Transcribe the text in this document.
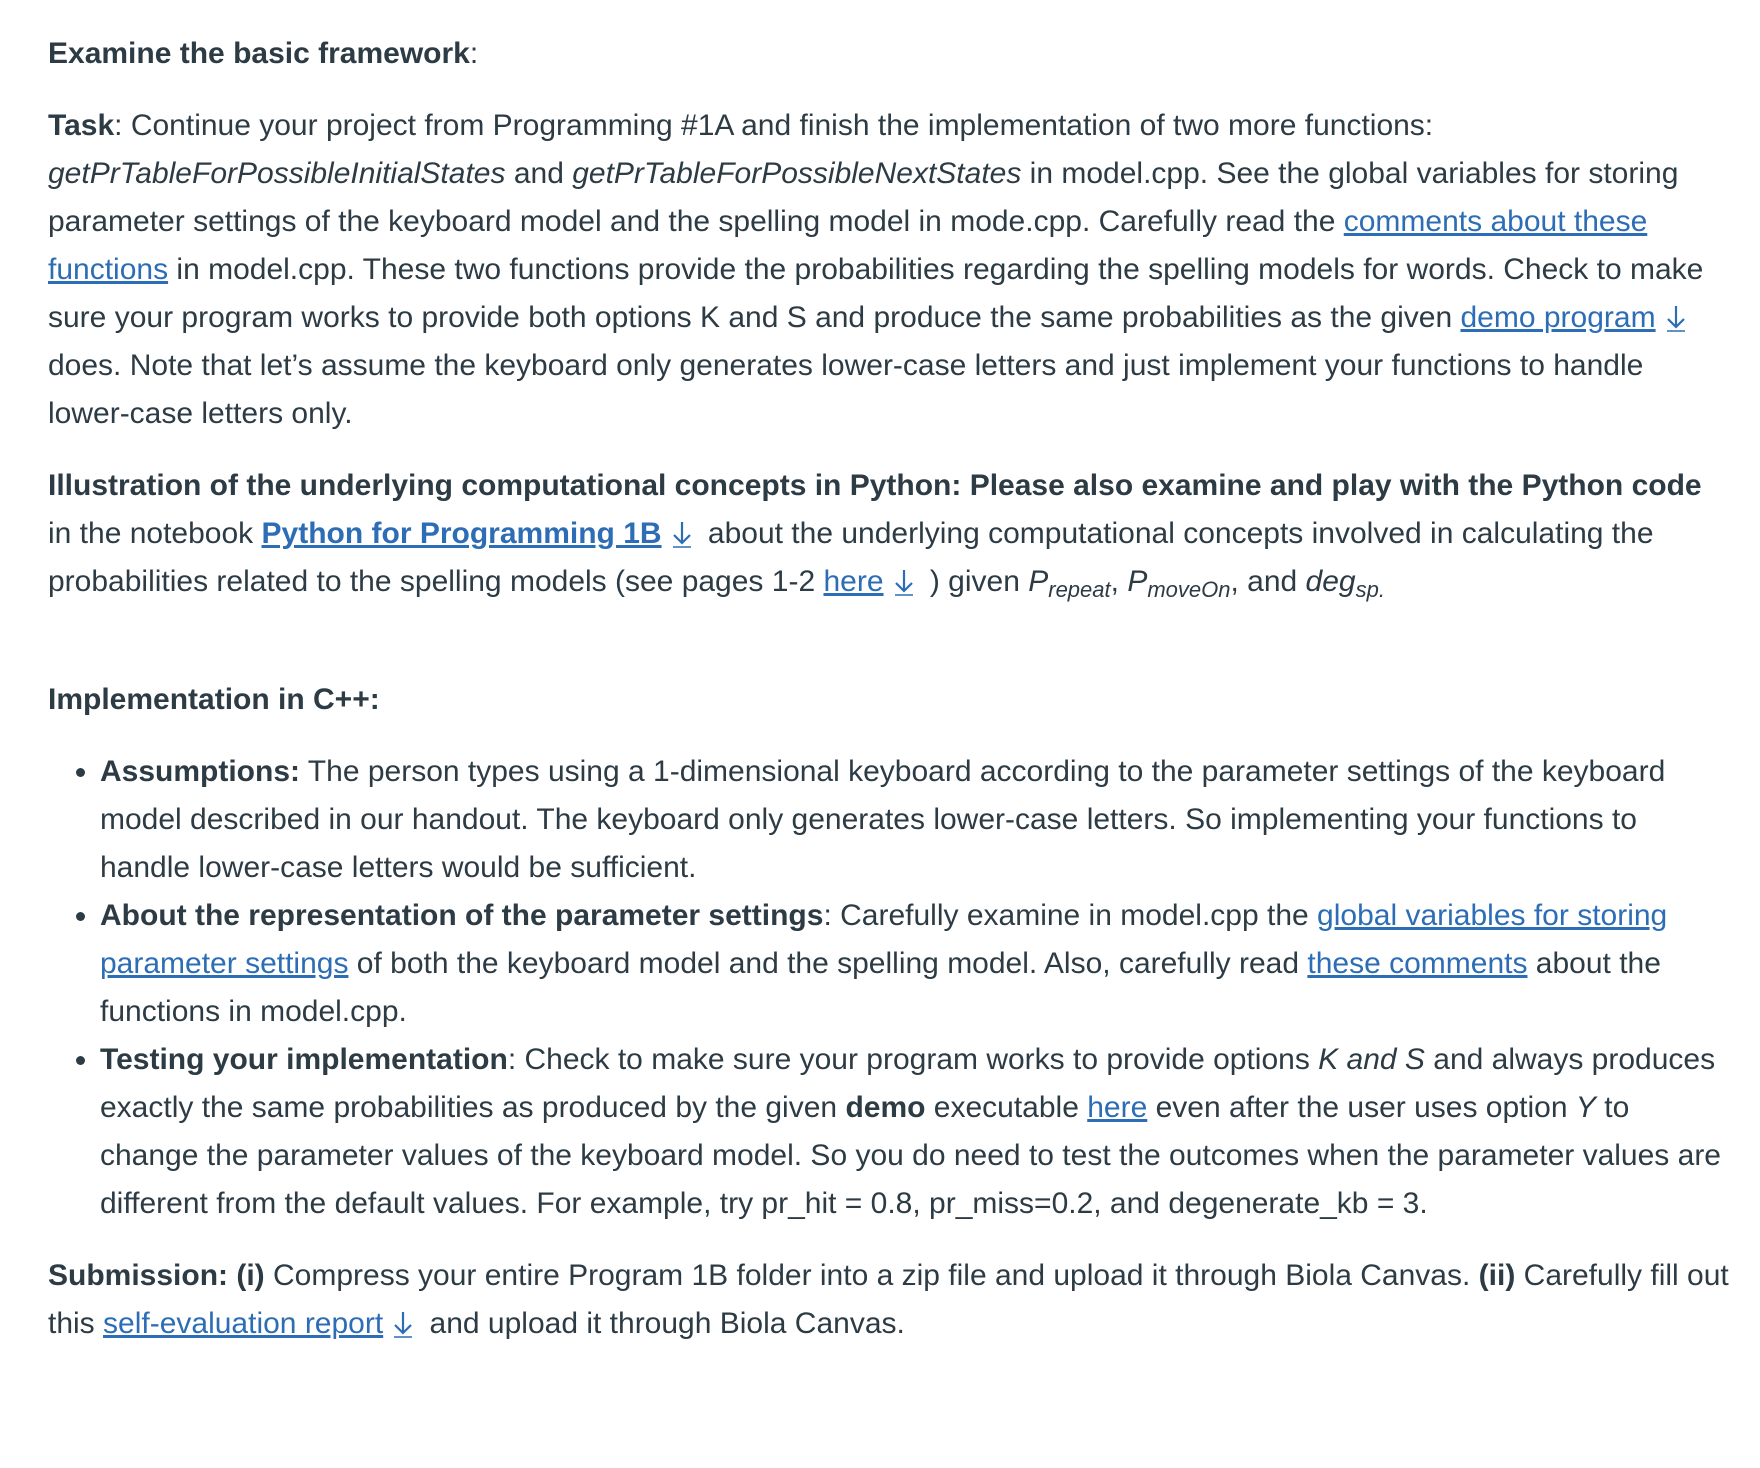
Examine the basic framework:

Task: Continue your project from Programming #1A and finish the implementation of two more functions: getPrTableForPossibleInitialStates and getPrTableForPossibleNextStates in model.cpp. See the global variables for storing parameter settings of the keyboard model and the spelling model in mode.cpp. Carefully read the comments about these functions in model.cpp. These two functions provide the probabilities regarding the spelling models for words. Check to make sure your program works to provide both options K and S and produce the same probabilities as the given demo program
does. Note that let’s assume the keyboard only generates lower-case letters and just implement your functions to handle lower-case letters only.

Illustration of the underlying computational concepts in Python: Please also examine and play with the Python code in the notebook Python for Programming 1B
about the underlying computational concepts involved in calculating the probabilities related to the spelling models (see pages 1-2 here
) given $P_{repeat}$, $P_{moveOn}$, and deg$_{sp.}$

Implementation in C++:

• Assumptions: The person types using a 1-dimensional keyboard according to the parameter settings of the keyboard model described in our handout. The keyboard only generates lower-case letters. So implementing your functions to handle lower-case letters would be sufficient.
• About the representation of the parameter settings: Carefully examine in model.cpp the global variables for storing parameter settings of both the keyboard model and the spelling model. Also, carefully read these comments about the functions in model.cpp.
• Testing your implementation: Check to make sure your program works to provide options K and S and always produces exactly the same probabilities as produced by the given demo executable here even after the user uses option Y to change the parameter values of the keyboard model. So you do need to test the outcomes when the parameter values are different from the default values. For example, try pr_hit = 0.8, pr_miss=0.2, and degenerate_kb = 3.

Submission: (i) Compress your entire Program 1B folder into a zip file and upload it through Biola Canvas. (ii) Carefully fill out this self-evaluation report
and upload it through Biola Canvas.
